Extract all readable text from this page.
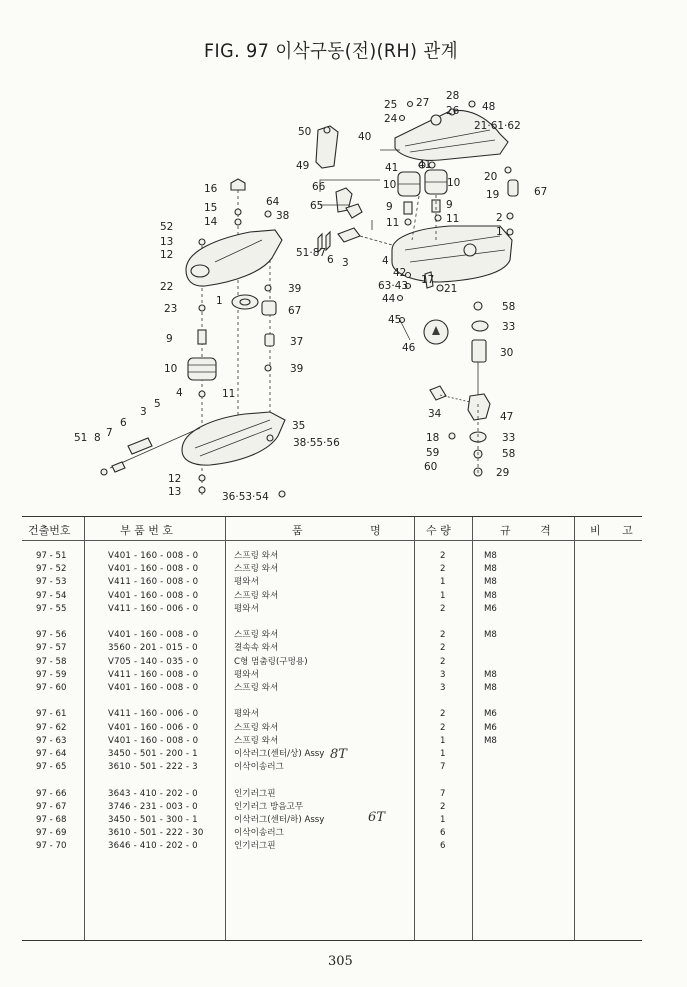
FIG. 97 이삭구동(전)(RH) 관계
16
15
14
52
13
12
22
1
23
9
10
11
4
5
3
6
7
8
51
12
13	36·53·54
35
38·55·56
39
67
37
39
64
66
65
38
51·87
6 3
50
49
40
25
24
27
28
26 48
21·61·62
41 41
10	10
9
11
9
11	2
1
20
19	67
4
42
63·43 17
21
44
45
46
58
33
30
34	47
18
59
60
33
58
29
건출번호	부 품 번 호	품 명	수 량	규 격	비 고
97 - 51	V401 - 160 - 008 - 0	스프링 와셔	2	M8
97 - 52	V401 - 160 - 008 - 0	스프링 와셔	2	M8
97 - 53	V411 - 160 - 008 - 0	평와셔	1	M8
97 - 54	V401 - 160 - 008 - 0	스프링 와셔	1	M8
97 - 55	V411 - 160 - 006 - 0	평와셔	2	M6
97 - 56	V401 - 160 - 008 - 0	스프링 와셔	2	M8
97 - 57	3560 - 201 - 015 - 0	결속속 와셔	2
97 - 58	V705 - 140 - 035 - 0	C형 멈춤링(구멍용)	2
97 - 59	V411 - 160 - 008 - 0	평와셔	3	M8
97 - 60	V401 - 160 - 008 - 0	스프링 와셔	3	M8
97 - 61	V411 - 160 - 006 - 0	평와셔	2	M6
97 - 62	V401 - 160 - 006 - 0	스프링 와셔	2	M6
97 - 63	V401 - 160 - 008 - 0	스프링 와셔	1	M8
97 - 64	3450 - 501 - 200 - 1	이삭러그(센터/상) Assy	1
97 - 65	3610 - 501 - 222 - 3	이삭이송러그	7
97 - 66	3643 - 410 - 202 - 0	인기러그핀	7
97 - 67	3746 - 231 - 003 - 0	인기러그 방음고무	2
97 - 68	3450 - 501 - 300 - 1	이삭러그(센터/하) Assy	1
97 - 69	3610 - 501 - 222 - 30	이삭이송러그	6
97 - 70	3646 - 410 - 202 - 0	인기러그핀	6
8T
6T
305
